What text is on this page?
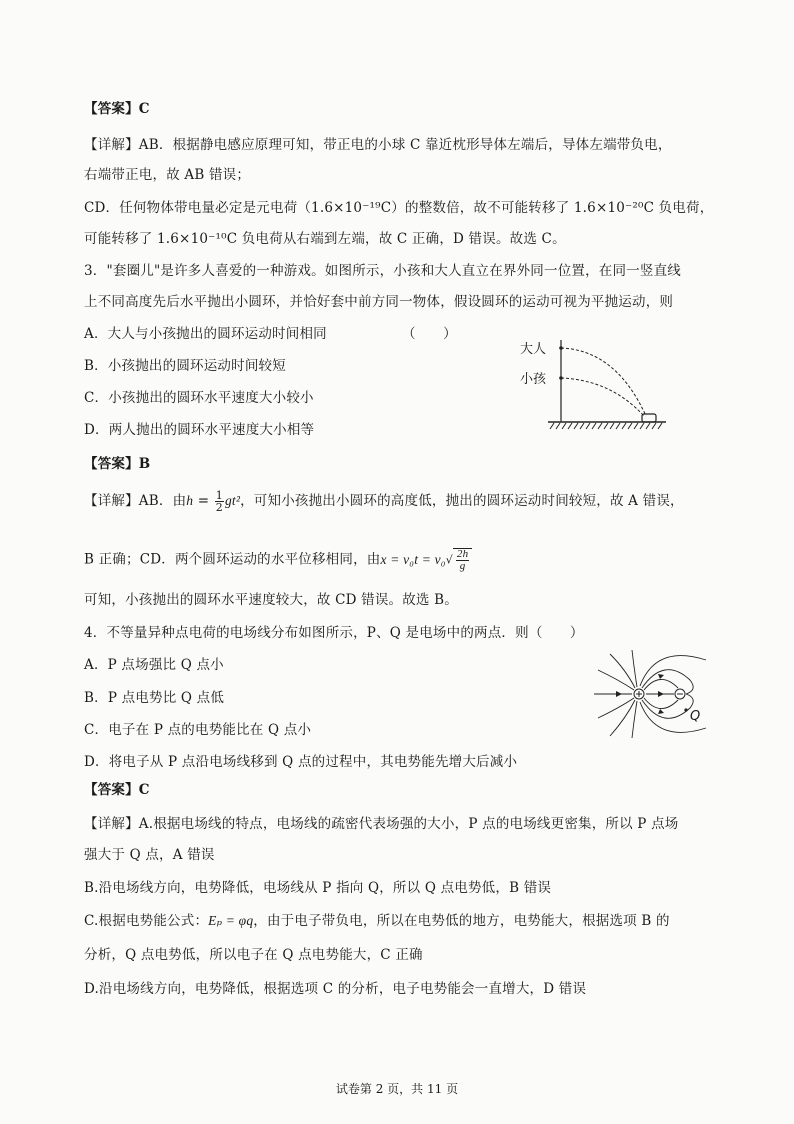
【答案】C
【详解】AB．根据静电感应原理可知，带正电的小球 C 靠近枕形导体左端后，导体左端带负电，
右端带正电，故 AB 错误；
CD．任何物体带电量必定是元电荷（1.6×10⁻¹⁹C）的整数倍，故不可能转移了 1.6×10⁻²⁰C 负电荷，
可能转移了 1.6×10⁻¹⁰C 负电荷从右端到左端，故 C 正确，D 错误。故选 C。
3．"套圈儿"是许多人喜爱的一种游戏。如图所示，小孩和大人直立在界外同一位置，在同一竖直线
上不同高度先后水平抛出小圆环，并恰好套中前方同一物体，假设圆环的运动可视为平抛运动，则
A．大人与小孩抛出的圆环运动时间相同	（　　）
B．小孩抛出的圆环运动时间较短
C．小孩抛出的圆环水平速度大小较小
D．两人抛出的圆环水平速度大小相等
大人
小孩
【答案】B
【详解】AB．由$h = \frac{1}{2} gt^2$，可知小孩抛出小圆环的高度低，抛出的圆环运动时间较短，故 A 错误，
B 正确；CD．两个圆环运动的水平位移相同，由$x = v_0t = v_0√ \frac{2h}{g}$
可知，小孩抛出的圆环水平速度较大，故 CD 错误。故选 B。
4．不等量异种点电荷的电场线分布如图所示，P、Q 是电场中的两点．则（　　）
A．P 点场强比 Q 点小
B．P 点电势比 Q 点低
C．电子在 P 点的电势能比在 Q 点小
D．将电子从 P 点沿电场线移到 Q 点的过程中，其电势能先增大后减小
Q
【答案】C
【详解】A.根据电场线的特点，电场线的疏密代表场强的大小，P 点的电场线更密集，所以 P 点场
强大于 Q 点，A 错误
B.沿电场线方向，电势降低，电场线从 P 指向 Q，所以 Q 点电势低，B 错误
C.根据电势能公式：Eₚ = φq，由于电子带负电，所以在电势低的地方，电势能大，根据选项 B 的
分析，Q 点电势低，所以电子在 Q 点电势能大，C 正确
D.沿电场线方向，电势降低，根据选项 C 的分析，电子电势能会一直增大，D 错误
试卷第 2 页，共 11 页
